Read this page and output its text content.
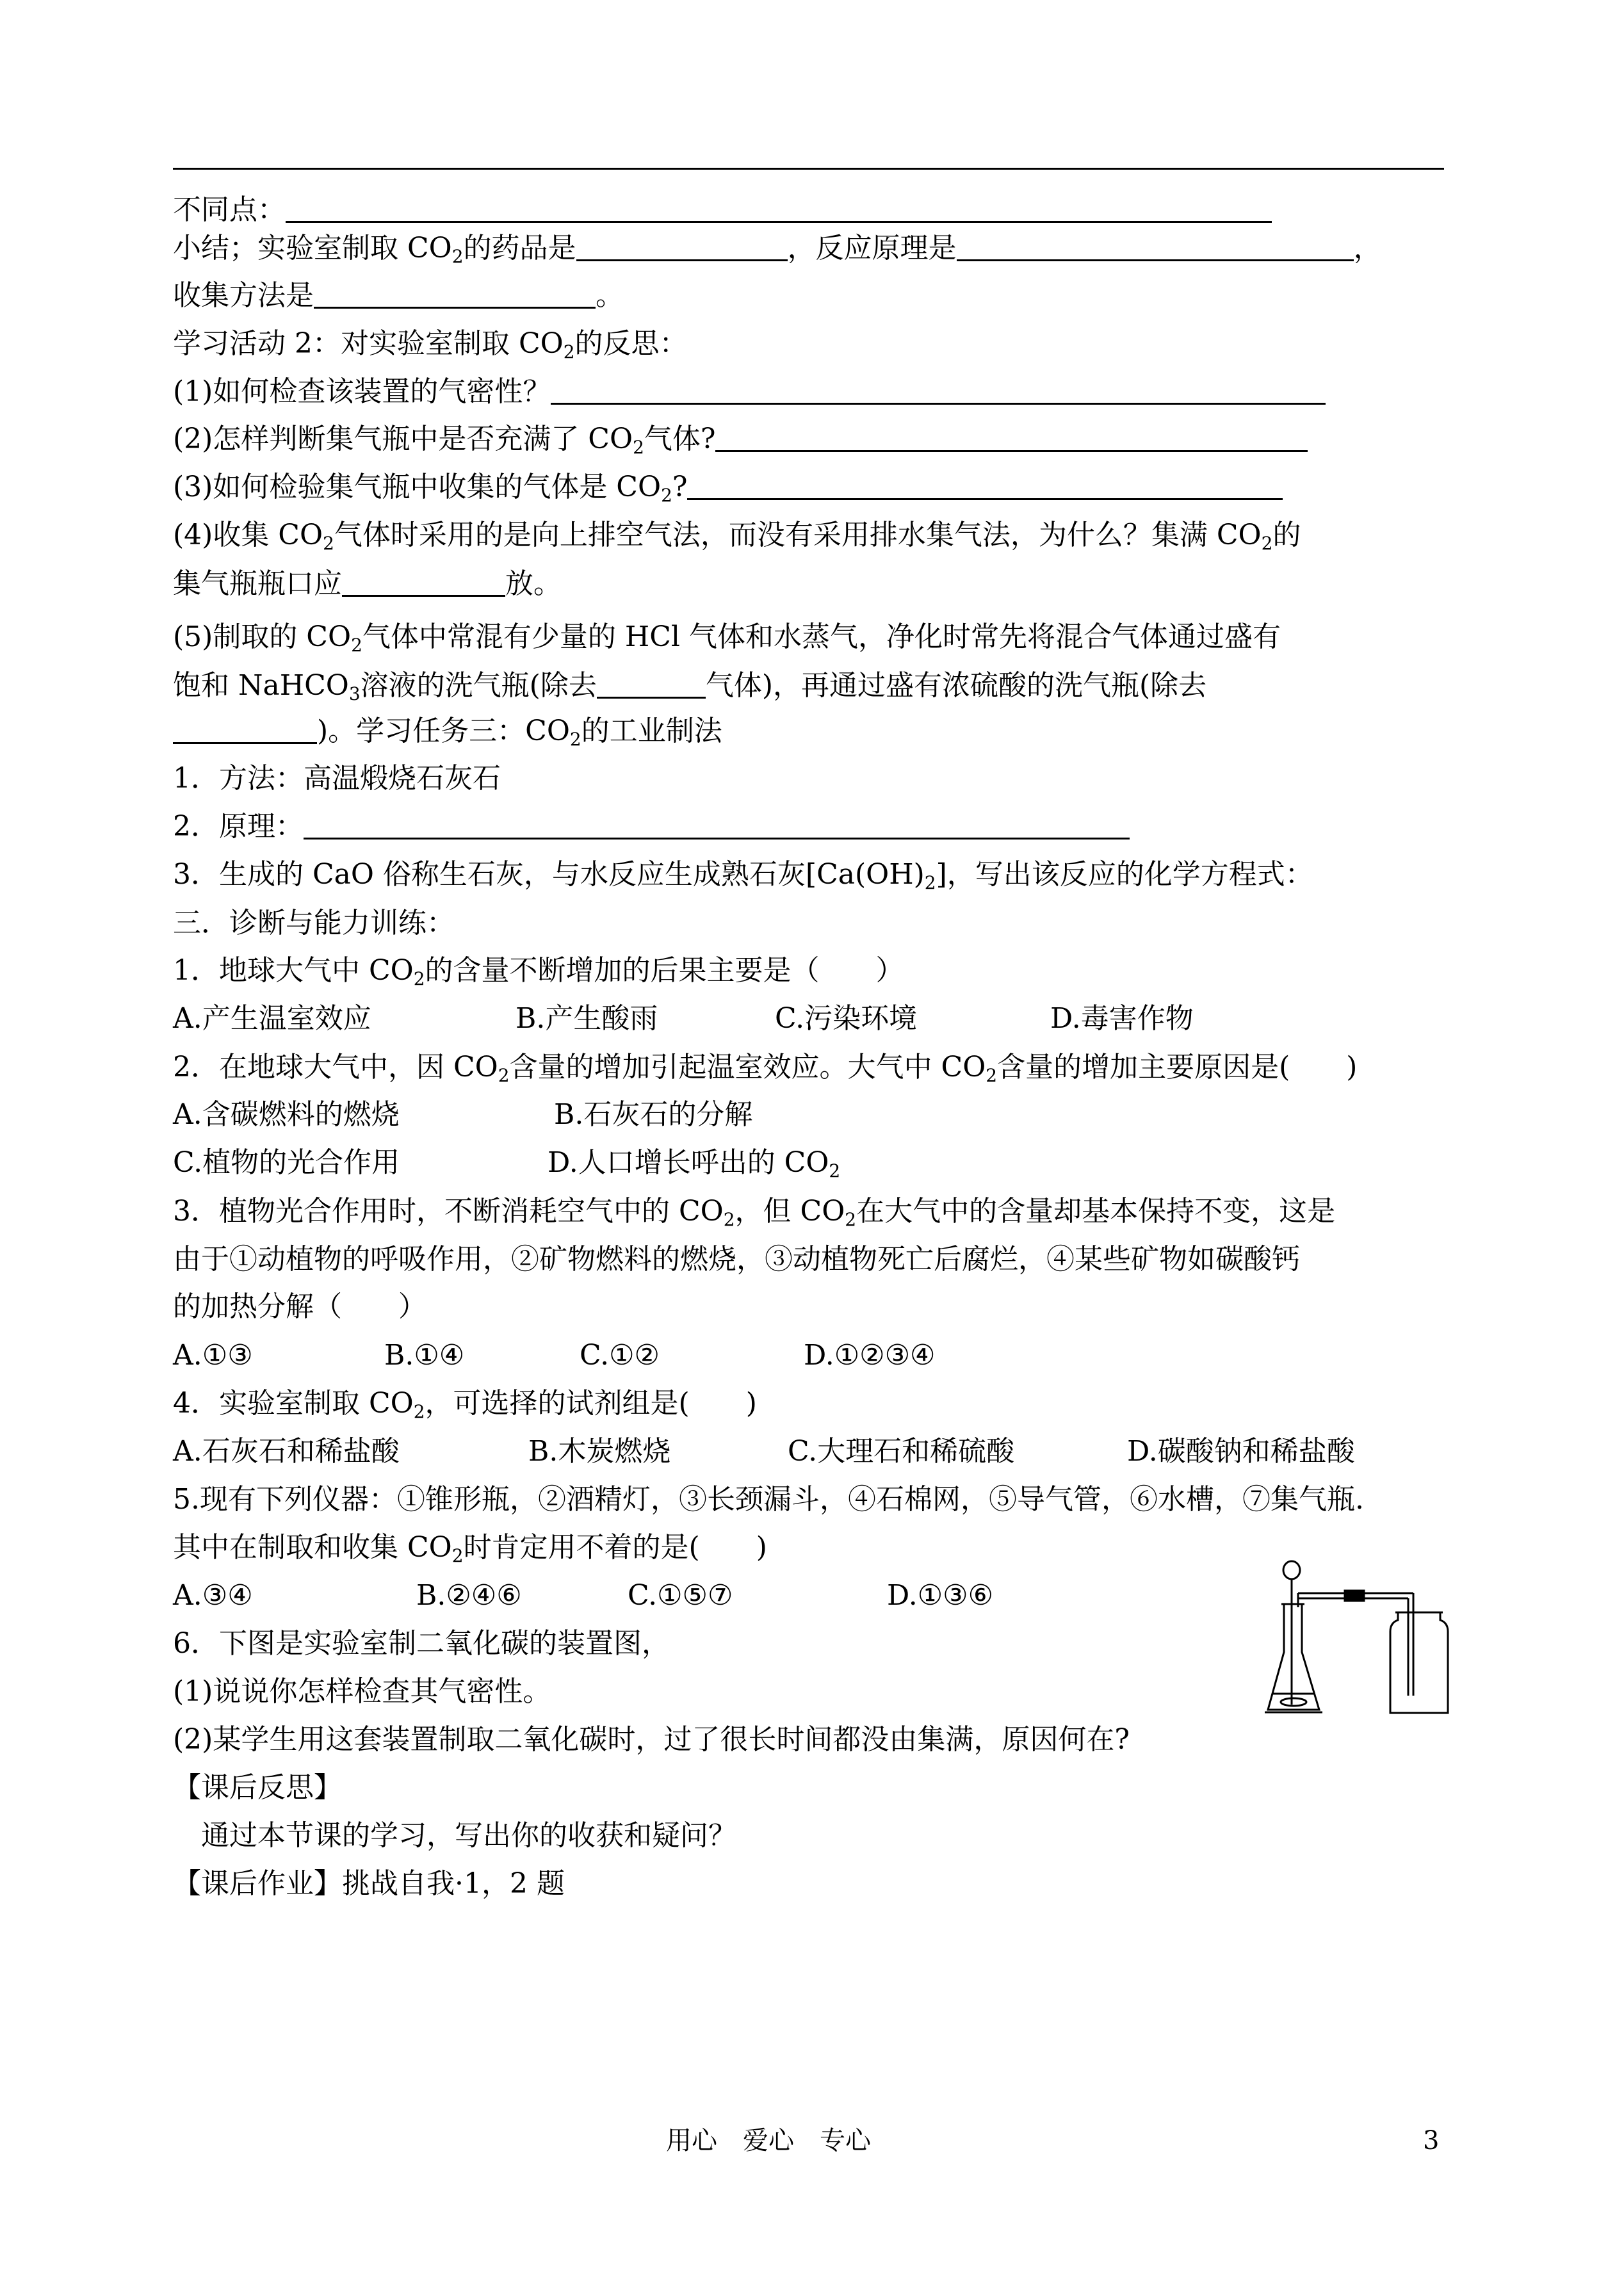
不同点：
小结；实验室制取 $CO_2$的药品是	，反应原理是	，
收集方法是	。
学习活动 2：对实验室制取 $CO_2$的反思：
(1)如何检查该装置的气密性？
(2)怎样判断集气瓶中是否充满了 $CO_2$气体?
(3)如何检验集气瓶中收集的气体是 $CO_2$?
(4)收集 $CO_2$气体时采用的是向上排空气法，而没有采用排水集气法，为什么？集满 $CO_2$的
集气瓶瓶口应	放。
(5)制取的 $CO_2$气体中常混有少量的 HCl 气体和水蒸气，净化时常先将混合气体通过盛有
饱和 NaHCO$_3$溶液的洗气瓶(除去	气体)，再通过盛有浓硫酸的洗气瓶(除去
)。学习任务三：$CO_2$的工业制法
1．方法：高温煅烧石灰石
2．原理：
3．生成的 CaO 俗称生石灰，与水反应生成熟石灰$[Ca(OH)_2]$，写出该反应的化学方程式：
三．诊断与能力训练：
1．地球大气中 $CO_2$的含量不断增加的后果主要是（　　）
A.产生温室效应	B.产生酸雨	C.污染环境	D.毒害作物
2．在地球大气中，因 $CO_2$含量的增加引起温室效应。大气中 $CO_2$含量的增加主要原因是(　　)
A.含碳燃料的燃烧	B.石灰石的分解
C.植物的光合作用	D.人口增长呼出的 $CO_2$
3．植物光合作用时，不断消耗空气中的 $CO_2$，但 $CO_2$在大气中的含量却基本保持不变，这是
由于①动植物的呼吸作用，②矿物燃料的燃烧，③动植物死亡后腐烂，④某些矿物如碳酸钙
的加热分解（　　）
A.①③	B.①④	C.①②	D.①②③④
4．实验室制取 $CO_2$，可选择的试剂组是(　　)
A.石灰石和稀盐酸	B.木炭燃烧	C.大理石和稀硫酸	D.碳酸钠和稀盐酸
5.现有下列仪器：①锥形瓶，②酒精灯，③长颈漏斗，④石棉网，⑤导气管，⑥水槽，⑦集气瓶.
其中在制取和收集 $CO_2$时肯定用不着的是(　　)
A.③④	B.②④⑥	C.①⑤⑦	D.①③⑥
6．下图是实验室制二氧化碳的装置图，
(1)说说你怎样检查其气密性。
(2)某学生用这套装置制取二氧化碳时，过了很长时间都没由集满，原因何在?
【课后反思】
　通过本节课的学习，写出你的收获和疑问？
【课后作业】挑战自我·1，2 题
用心　爱心　专心	3
